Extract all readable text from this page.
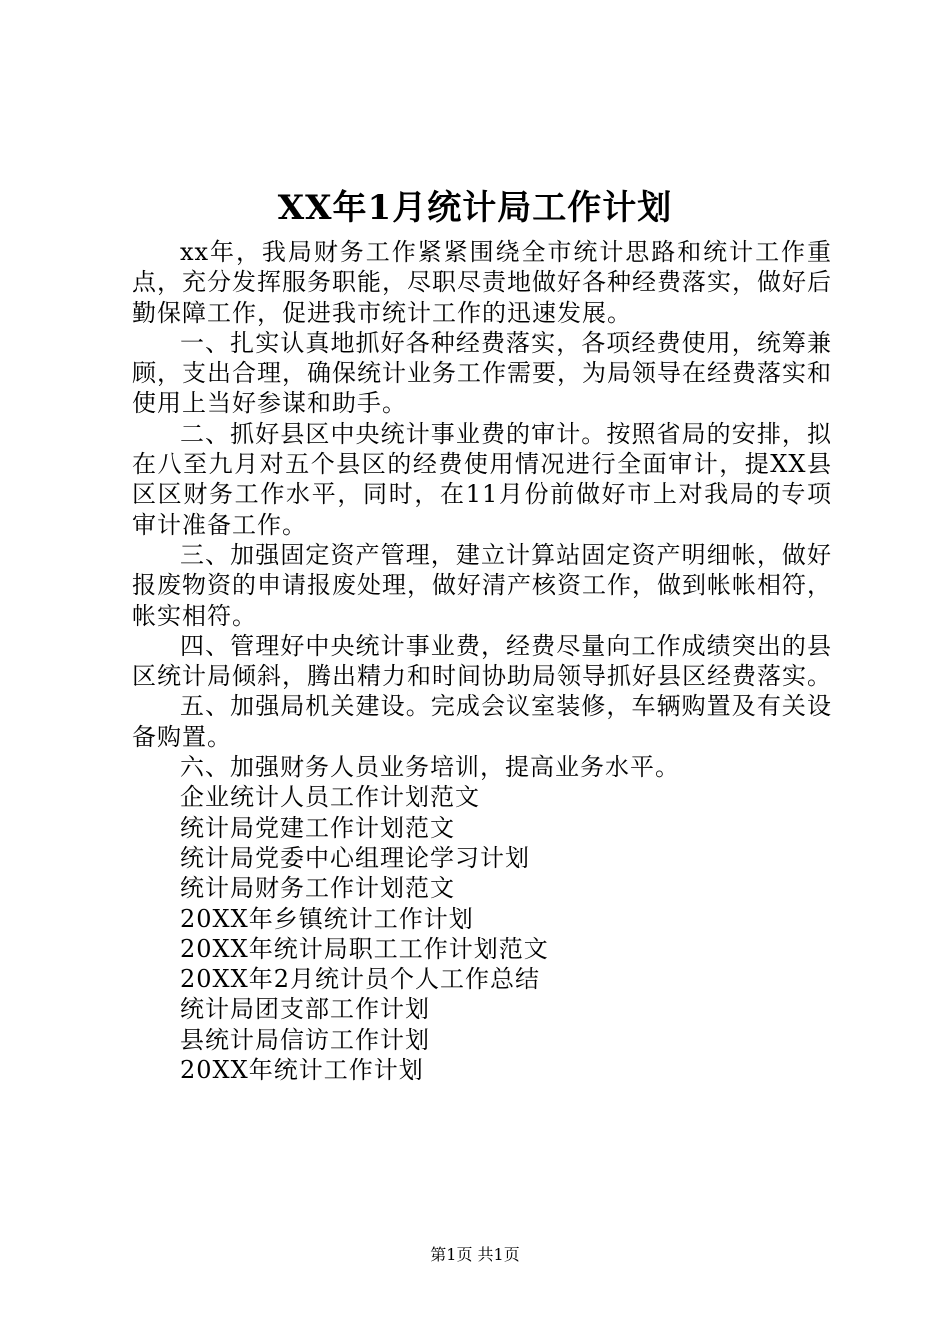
XX年1月统计局工作计划

xx年，我局财务工作紧紧围绕全市统计思路和统计工作重点，充分发挥服务职能，尽职尽责地做好各种经费落实，做好后勤保障工作，促进我市统计工作的迅速发展。

一、扎实认真地抓好各种经费落实，各项经费使用，统筹兼顾，支出合理，确保统计业务工作需要，为局领导在经费落实和使用上当好参谋和助手。

二、抓好县区中央统计事业费的审计。按照省局的安排，拟在八至九月对五个县区的经费使用情况进行全面审计，提XX县区区财务工作水平，同时，在11月份前做好市上对我局的专项审计准备工作。

三、加强固定资产管理，建立计算站固定资产明细帐，做好报废物资的申请报废处理，做好清产核资工作，做到帐帐相符，帐实相符。

四、管理好中央统计事业费，经费尽量向工作成绩突出的县区统计局倾斜，腾出精力和时间协助局领导抓好县区经费落实。

五、加强局机关建设。完成会议室装修，车辆购置及有关设备购置。

六、加强财务人员业务培训，提高业务水平。

企业统计人员工作计划范文
统计局党建工作计划范文
统计局党委中心组理论学习计划
统计局财务工作计划范文
20XX年乡镇统计工作计划
20XX年统计局职工工作计划范文
20XX年2月统计员个人工作总结
统计局团支部工作计划
县统计局信访工作计划
20XX年统计工作计划
第1页 共1页
